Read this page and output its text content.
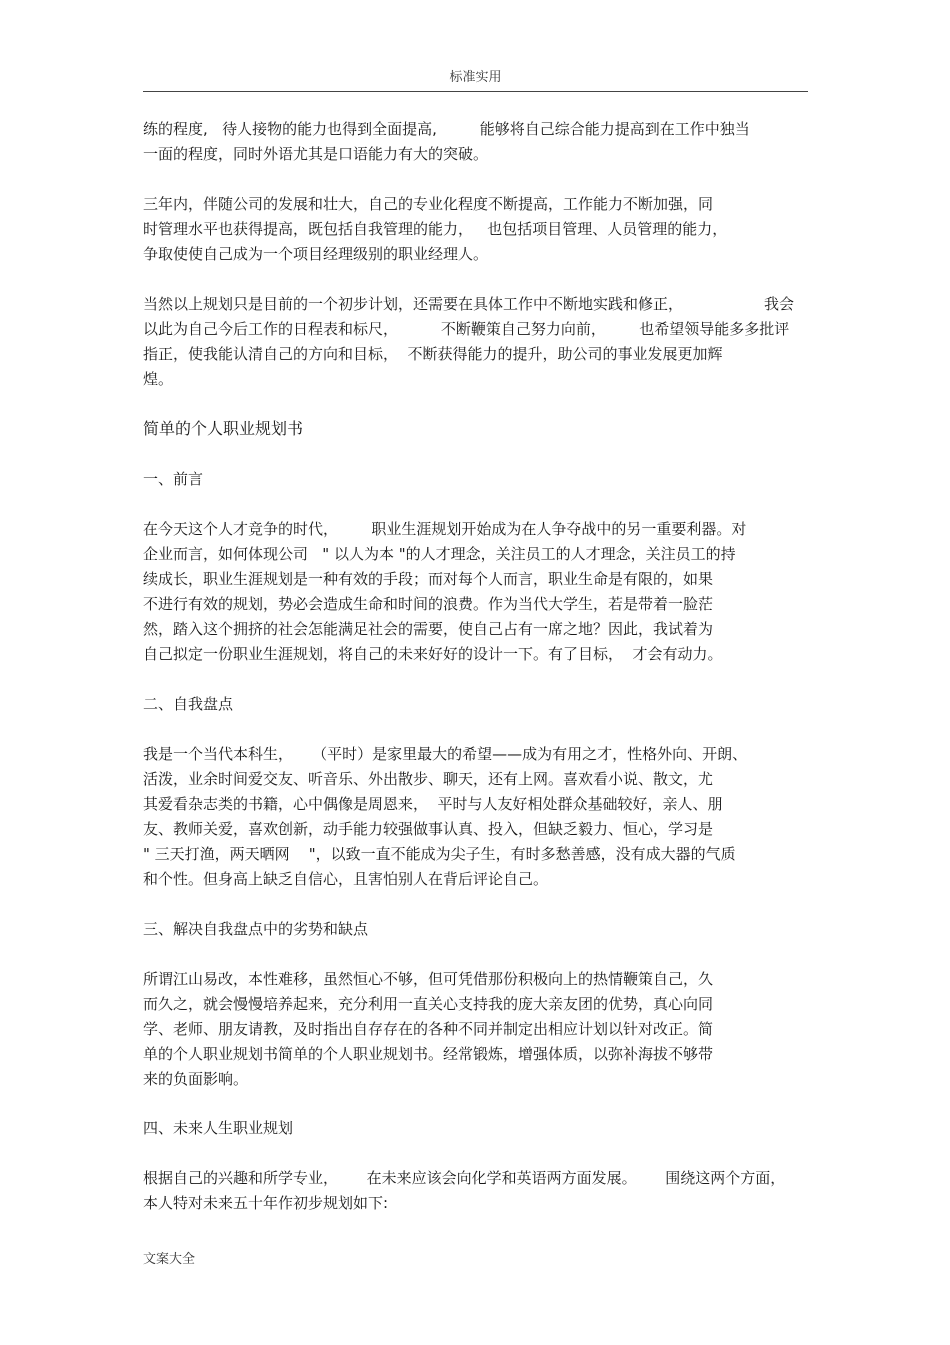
标准实用
练的程度,   待人接物的能力也得到全面提高,         能够将自己综合能力提高到在工作中独当
一面的程度，同时外语尤其是口语能力有大的突破。
三年内，伴随公司的发展和壮大，自己的专业化程度不断提高，工作能力不断加强，同
时管理水平也获得提高，既包括自我管理的能力，   也包括项目管理、人员管理的能力，
争取使使自己成为一个项目经理级别的职业经理人。
当然以上规划只是目前的一个初步计划，还需要在具体工作中不断地实践和修正，                 我会
以此为自己今后工作的日程表和标尺，         不断鞭策自己努力向前，       也希望领导能多多批评
指正，使我能认清自己的方向和目标，  不断获得能力的提升，助公司的事业发展更加辉
煌。
简单的个人职业规划书
一、前言
在今天这个人才竞争的时代，       职业生涯规划开始成为在人争夺战中的另一重要利器。对
企业而言，如何体现公司   " 以人为本 "的人才理念，关注员工的人才理念，关注员工的持
续成长，职业生涯规划是一种有效的手段；而对每个人而言，职业生命是有限的，如果
不进行有效的规划，势必会造成生命和时间的浪费。作为当代大学生，若是带着一脸茫
然，踏入这个拥挤的社会怎能满足社会的需要，使自己占有一席之地？因此，我试着为
自己拟定一份职业生涯规划，将自己的未来好好的设计一下。有了目标，  才会有动力。
二、自我盘点
我是一个当代本科生，    （平时）是家里最大的希望——成为有用之才，性格外向、开朗、
活泼，业余时间爱交友、听音乐、外出散步、聊天，还有上网。喜欢看小说、散文，尤
其爱看杂志类的书籍，心中偶像是周恩来，  平时与人友好相处群众基础较好，亲人、朋
友、教师关爱，喜欢创新，动手能力较强做事认真、投入，但缺乏毅力、恒心，学习是
" 三天打渔，两天晒网    "，以致一直不能成为尖子生，有时多愁善感，没有成大器的气质
和个性。但身高上缺乏自信心，且害怕别人在背后评论自己。
三、解决自我盘点中的劣势和缺点
所谓江山易改，本性难移，虽然恒心不够，但可凭借那份积极向上的热情鞭策自己，久
而久之，就会慢慢培养起来，充分利用一直关心支持我的庞大亲友团的优势，真心向同
学、老师、朋友请教，及时指出自存存在的各种不同并制定出相应计划以针对改正。简
单的个人职业规划书简单的个人职业规划书。经常锻炼，增强体质，以弥补海拔不够带
来的负面影响。
四、未来人生职业规划
根据自己的兴趣和所学专业，      在未来应该会向化学和英语两方面发展。      围绕这两个方面，
本人特对未来五十年作初步规划如下:
文案大全
